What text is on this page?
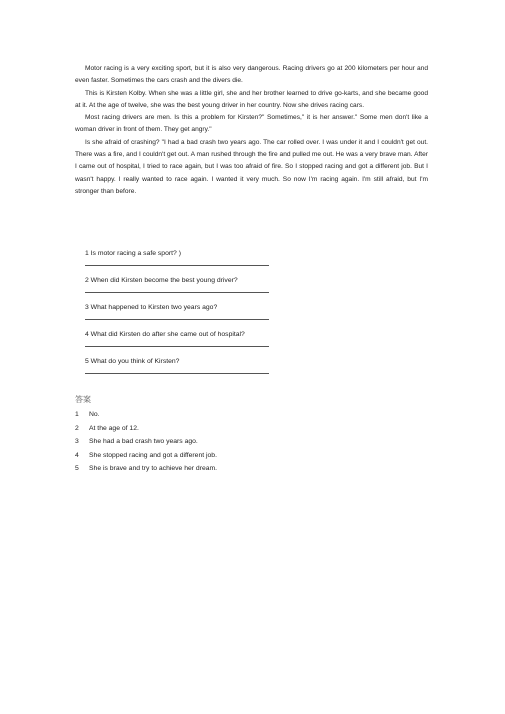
Motor racing is a very exciting sport, but it is also very dangerous. Racing drivers go at 200 kilometers per hour and even faster. Sometimes the cars crash and the divers die.

This is Kirsten Kolby. When she was a little girl, she and her brother learned to drive go-karts, and she became good at it. At the age of twelve, she was the best young driver in her country. Now she drives racing cars.

Most racing drivers are men. Is this a problem for Kirsten?" Sometimes," it is her answer." Some men don't like a woman driver in front of them. They get angry."

Is she afraid of crashing? "I had a bad crash two years ago. The car rolled over. I was under it and I couldn't get out. There was a fire, and I couldn't get out. A man rushed through the fire and pulled me out. He was a very brave man. After I came out of hospital, I tried to race again, but I was too afraid of fire. So I stopped racing and got a different job. But I wasn't happy. I really wanted to race again. I wanted it very much. So now I'm racing again. I'm still afraid, but I'm stronger than before.

1 Is motor racing a safe sport? )
2 When did Kirsten become the best young driver?
3 What happened to Kirsten two years ago?
4 What did Kirsten do after she came out of hospital?
5 What do you think of Kirsten?
答案
1 No.
2 At the age of 12.
3 She had a bad crash two years ago.
4 She stopped racing and got a different job.
5 She is brave and try to achieve her dream.
